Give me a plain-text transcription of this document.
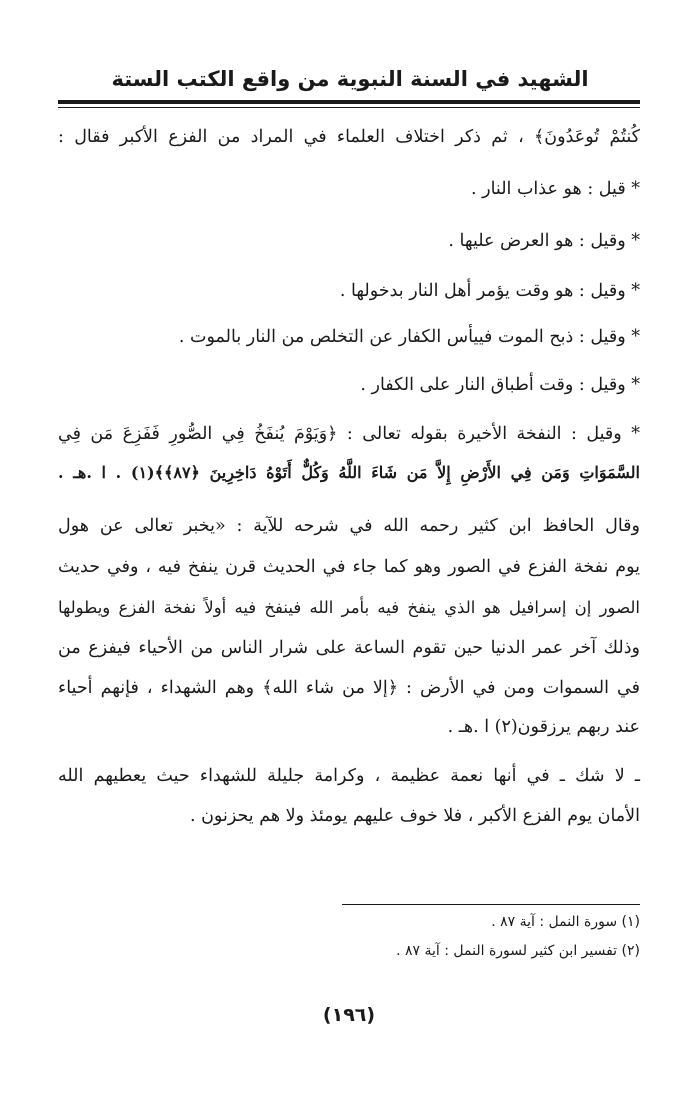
الشهيد في السنة النبوية من واقع الكتب الستة
كُنتُمْ تُوعَدُونَ﴾ ، ثم ذكر اختلاف العلماء في المراد من الفزع الأكبر فقال :
* قيل : هو عذاب النار .
* وقيل : هو العرض عليها .
* وقيل : هو وقت يؤمر أهل النار بدخولها .
* وقيل : ذبح الموت فييأس الكفار عن التخلص من النار بالموت .
* وقيل : وقت أطباق النار على الكفار .
* وقيل : النفخة الأخيرة بقوله تعالى : ﴿وَيَوْمَ يُنفَخُ فِي الصُّورِ فَفَزِعَ مَن فِي
السَّمَوَاتِ وَمَن فِي الأَرْضِ إِلاَّ مَن شَاءَ اللَّهُ وَكُلٌّ أَتَوْهُ دَاخِرِينَ ﴿٨٧﴾﴾(١) . ا .هـ .
وقال الحافظ ابن كثير رحمه الله في شرحه للآية : «يخبر تعالى عن هول
يوم نفخة الفزع في الصور وهو كما جاء في الحديث قرن ينفخ فيه ، وفي حديث
الصور إن إسرافيل هو الذي ينفخ فيه بأمر الله فينفخ فيه أولاً نفخة الفزع ويطولها
وذلك آخر عمر الدنيا حين تقوم الساعة على شرار الناس من الأحياء فيفزع من
في السموات ومن في الأرض : ﴿إلا من شاء الله﴾ وهم الشهداء ، فإنهم أحياء
عند ربهم يرزقون(٢) ا .هـ .
ـ لا شك ـ في أنها نعمة عظيمة ، وكرامة جليلة للشهداء حيث يعطيهم الله
الأمان يوم الفزع الأكبر ، فلا خوف عليهم يومئذ ولا هم يحزنون .
(١) سورة النمل : آية ٨٧ .
(٢) تفسير ابن كثير لسورة النمل : آية ٨٧ .
(١٩٦)
